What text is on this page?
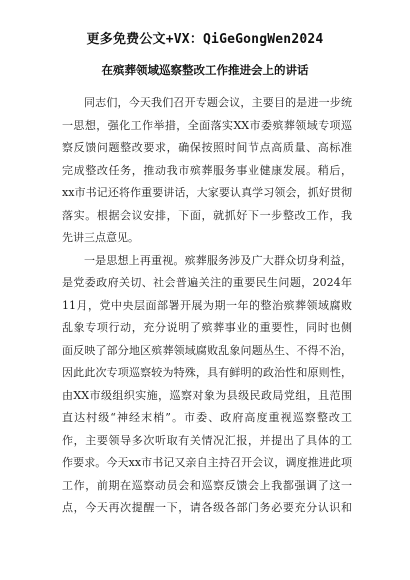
更多免费公文+VX：QiGeGongWen2024
在殡葬领域巡察整改工作推进会上的讲话
同志们，今天我们召开专题会议，主要目的是进一步统
一思想，强化工作举措，全面落实XX市委殡葬领域专项巡
察反馈问题整改要求，确保按照时间节点高质量、高标准
完成整改任务，推动我市殡葬服务事业健康发展。稍后，
xx市书记还将作重要讲话，大家要认真学习领会，抓好贯彻
落实。根据会议安排，下面，就抓好下一步整改工作，我
先讲三点意见。
一是思想上再重视。殡葬服务涉及广大群众切身利益，
是党委政府关切、社会普遍关注的重要民生问题，2024年
11月，党中央层面部署开展为期一年的整治殡葬领域腐败
乱象专项行动，充分说明了殡葬事业的重要性，同时也侧
面反映了部分地区殡葬领域腐败乱象问题丛生、不得不治，
因此此次专项巡察较为特殊，具有鲜明的政治性和原则性，
由XX市级组织实施，巡察对象为县级民政局党组，且范围
直达村级“神经末梢”。市委、政府高度重视巡察整改工
作，主要领导多次听取有关情况汇报，并提出了具体的工
作要求。今天xx市书记又亲自主持召开会议，调度推进此项
工作，前期在巡察动员会和巡察反馈会上我都强调了这一
点，今天再次提醒一下，请各级各部门务必要充分认识和
